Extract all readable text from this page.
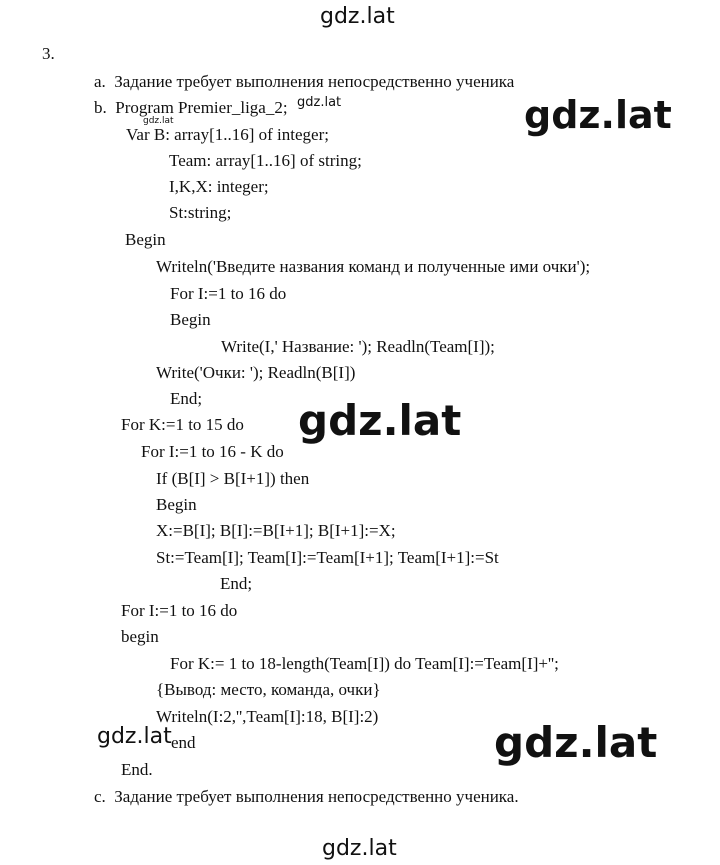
gdz.lat
gdz.lat
gdz.lat
gdz.lat
gdz.lat
gdz.lat	gdz.lat
gdz.lat
3.
a.  Задание требует выполнения непосредственно ученика
b.  Program Premier_liga_2;
Var B: array[1..16] of integer;
Team: array[1..16] of string;
I,K,X: integer;
St:string;
Begin
Writeln('Введите названия команд и полученные ими очки');
For I:=1 to 16 do
Begin
Write(I,' Название: '); Readln(Team[I]);
Write('Очки: '); Readln(B[I])
End;
For K:=1 to 15 do
For I:=1 to 16 - K do
If (B[I] > B[I+1]) then
Begin
X:=B[I]; B[I]:=B[I+1]; B[I+1]:=X;
St:=Team[I]; Team[I]:=Team[I+1]; Team[I+1]:=St
End;
For I:=1 to 16 do
begin
For K:= 1 to 18-length(Team[I]) do Team[I]:=Team[I]+'';
{Вывод: место, команда, очки}
Writeln(I:2,'',Team[I]:18, B[I]:2)
end
End.
c.  Задание требует выполнения непосредственно ученика.
